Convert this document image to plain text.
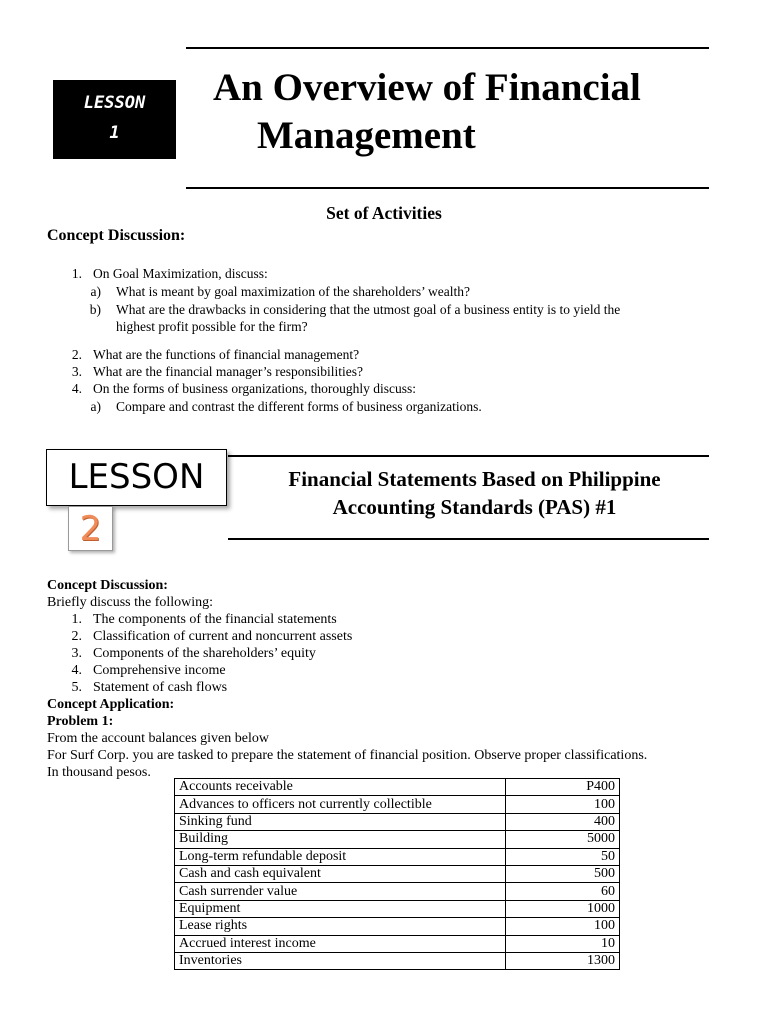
LESSON
1
An Overview of Financial
Management
Set of Activities
Concept Discussion:
1. On Goal Maximization, discuss:
a) What is meant by goal maximization of the shareholders’ wealth?
b) What are the drawbacks in considering that the utmost goal of a business entity is to yield the
highest profit possible for the firm?
2. What are the functions of financial management?
3. What are the financial manager’s responsibilities?
4. On the forms of business organizations, thoroughly discuss:
a) Compare and contrast the different forms of business organizations.
LESSON
2
Financial Statements Based on Philippine
Accounting Standards (PAS) #1
Concept Discussion:
Briefly discuss the following:
1. The components of the financial statements
2. Classification of current and noncurrent assets
3. Components of the shareholders’ equity
4. Comprehensive income
5. Statement of cash flows
Concept Application:
Problem 1:
From the account balances given below
For Surf Corp. you are tasked to prepare the statement of financial position. Observe proper classifications.
In thousand pesos.
Accounts receivable	P400
Advances to officers not currently collectible	100
Sinking fund	400
Building	5000
Long-term refundable deposit	50
Cash and cash equivalent	500
Cash surrender value	60
Equipment	1000
Lease rights	100
Accrued interest income	10
Inventories	1300
